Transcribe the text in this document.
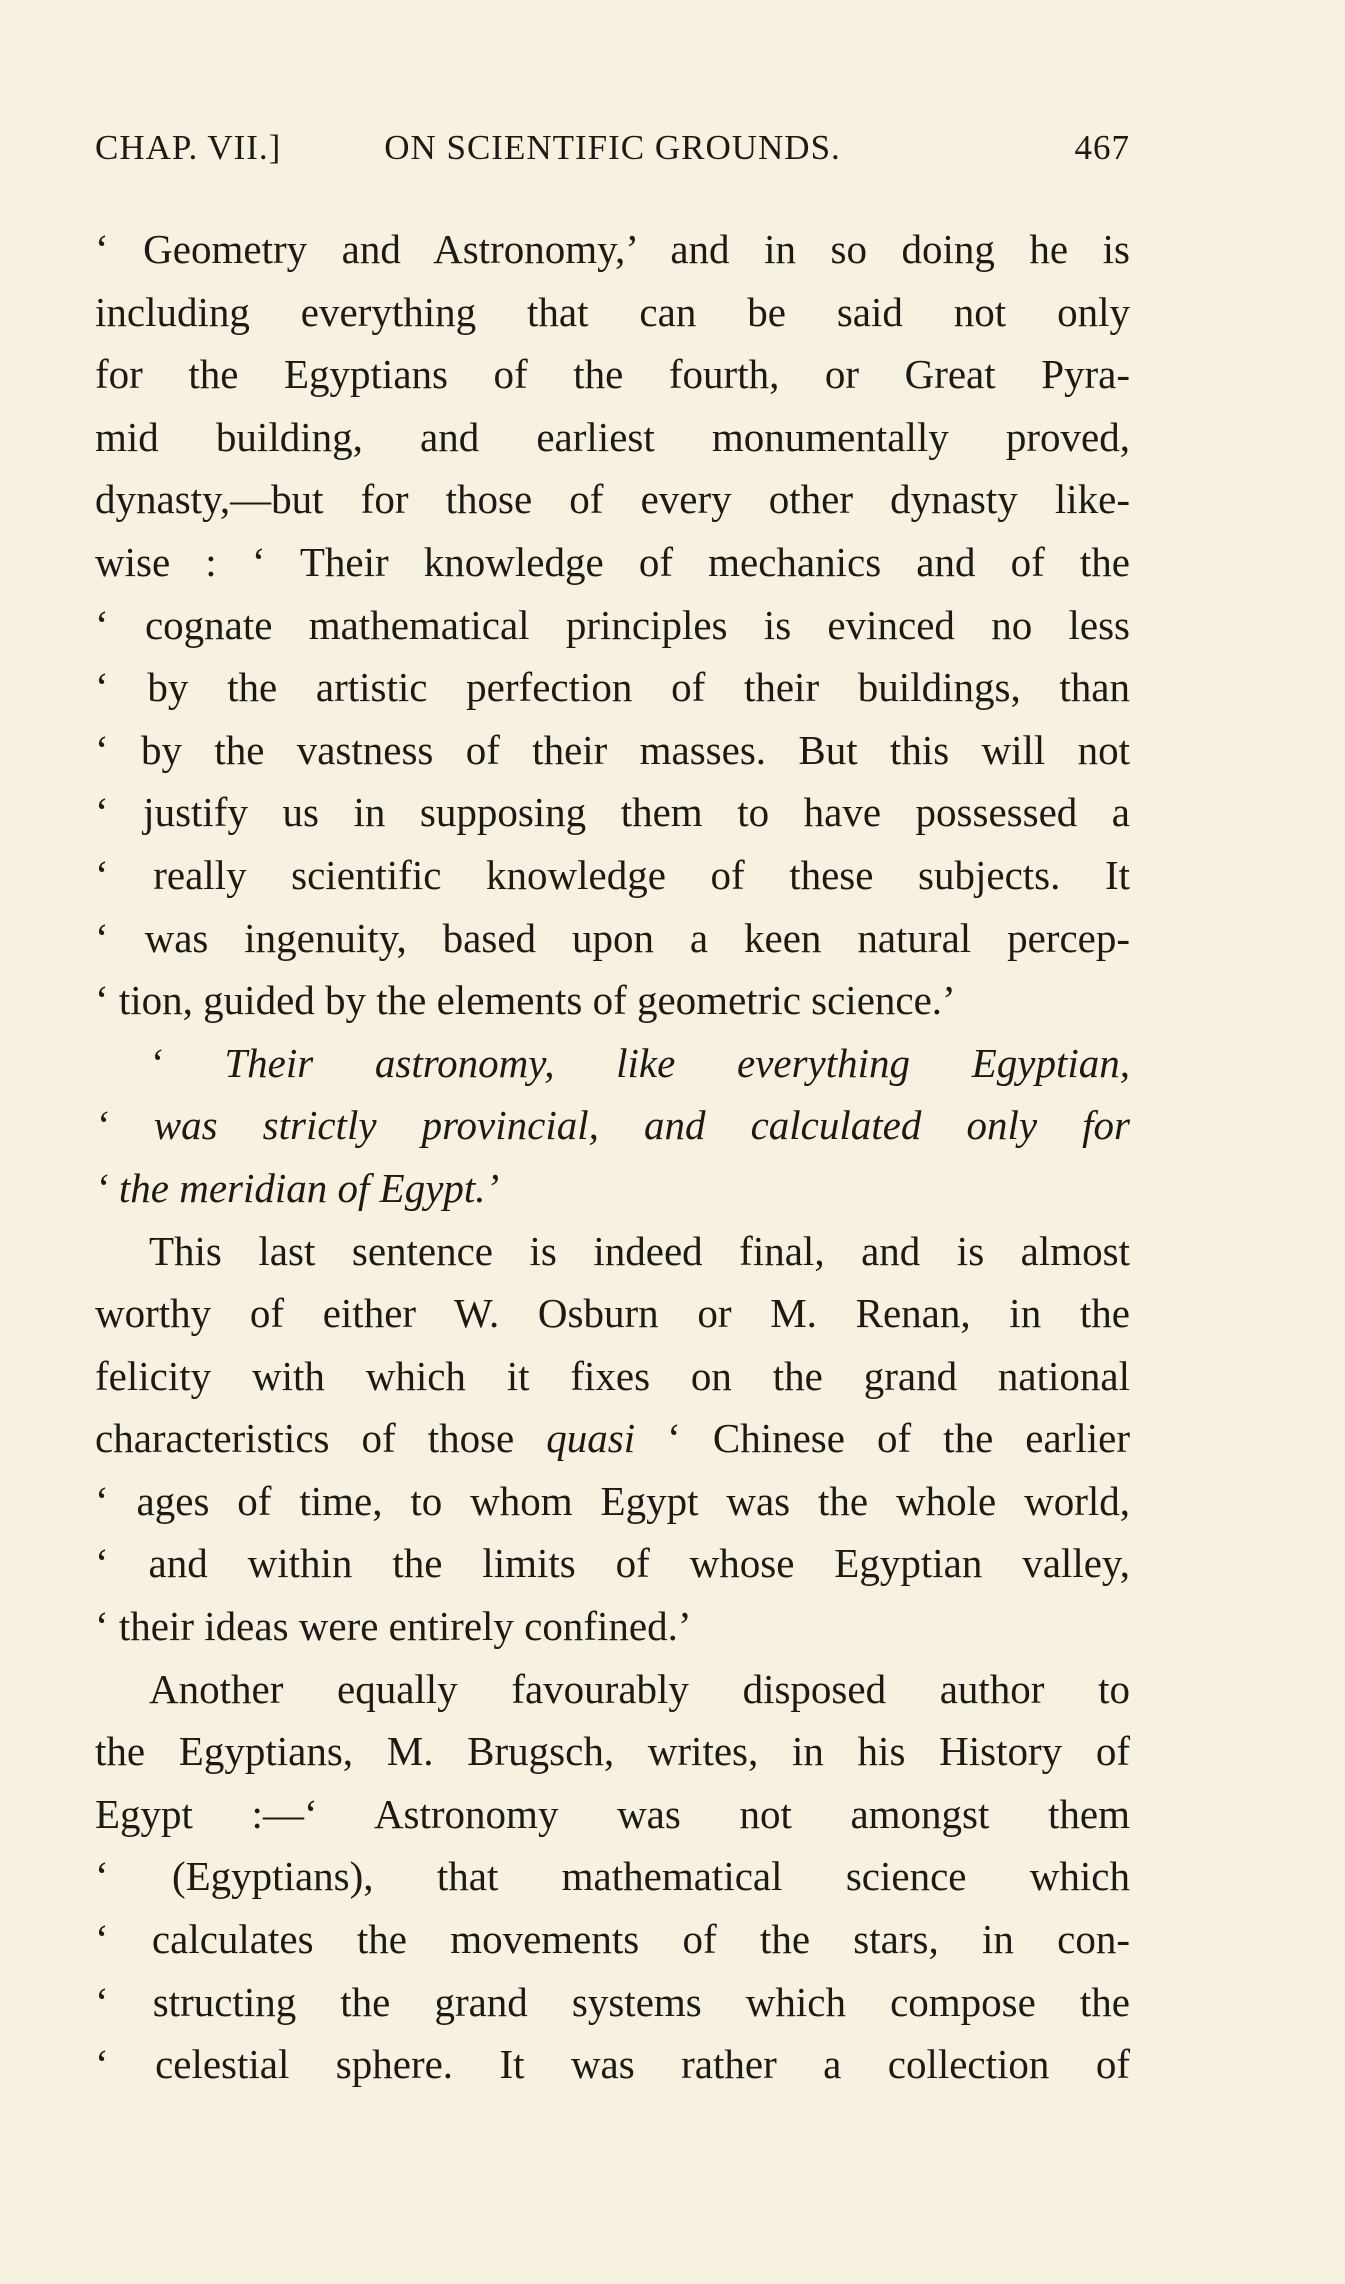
CHAP. VII.]	ON SCIENTIFIC GROUNDS.	467
‘ Geometry and Astronomy,’ and in so doing he is
including everything that can be said not only
for the Egyptians of the fourth, or Great Pyra-
mid building, and earliest monumentally proved,
dynasty,—but for those of every other dynasty like-
wise : ‘ Their knowledge of mechanics and of the
‘ cognate mathematical principles is evinced no less
‘ by the artistic perfection of their buildings, than
‘ by the vastness of their masses. But this will not
‘ justify us in supposing them to have possessed a
‘ really scientific knowledge of these subjects. It
‘ was ingenuity, based upon a keen natural percep-
‘ tion, guided by the elements of geometric science.’
‘ Their astronomy, like everything Egyptian,
‘ was strictly provincial, and calculated only for
‘ the meridian of Egypt.’
This last sentence is indeed final, and is almost
worthy of either W. Osburn or M. Renan, in the
felicity with which it fixes on the grand national
characteristics of those quasi ‘ Chinese of the earlier
‘ ages of time, to whom Egypt was the whole world,
‘ and within the limits of whose Egyptian valley,
‘ their ideas were entirely confined.’
Another equally favourably disposed author to
the Egyptians, M. Brugsch, writes, in his History of
Egypt :—‘ Astronomy was not amongst them
‘ (Egyptians), that mathematical science which
‘ calculates the movements of the stars, in con-
‘ structing the grand systems which compose the
‘ celestial sphere. It was rather a collection of
